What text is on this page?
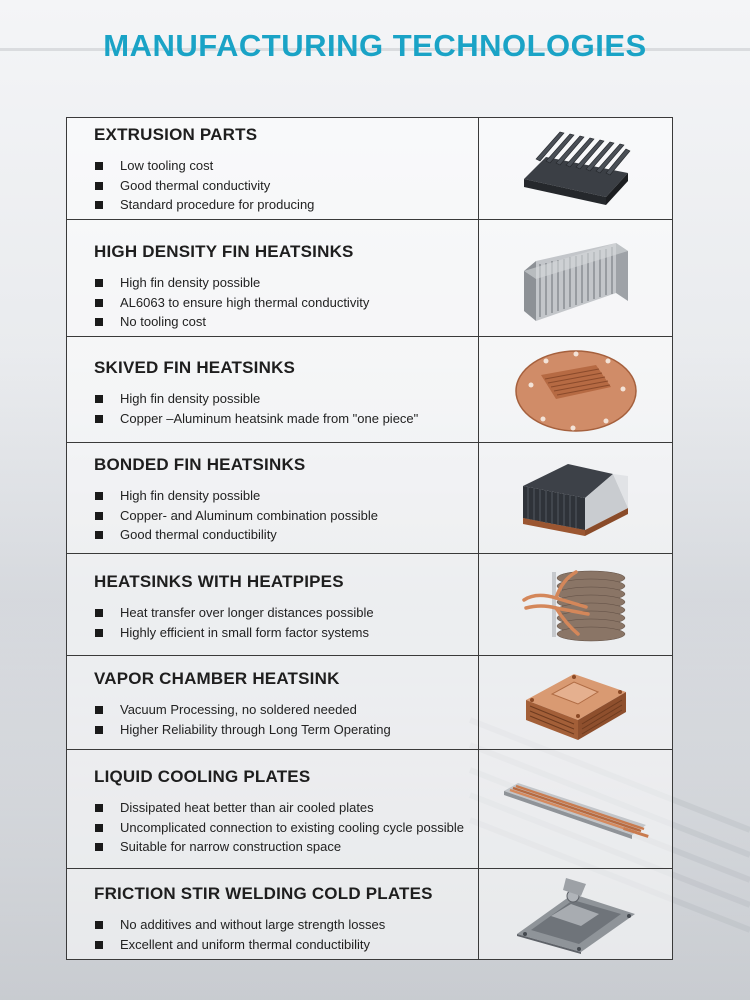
MANUFACTURING TECHNOLOGIES
EXTRUSION PARTS
Low tooling cost
Good thermal conductivity
Standard procedure for producing
HIGH DENSITY FIN HEATSINKS
High fin density possible
AL6063 to ensure high thermal conductivity
No tooling cost
SKIVED FIN HEATSINKS
High fin density possible
Copper –Aluminum heatsink made from "one piece"
BONDED FIN HEATSINKS
High fin density possible
Copper- and Aluminum combination possible
Good thermal conductibility
HEATSINKS WITH HEATPIPES
Heat transfer over longer distances possible
Highly efficient in small form factor systems
VAPOR CHAMBER HEATSINK
Vacuum Processing, no soldered needed
Higher Reliability through Long Term Operating
LIQUID COOLING PLATES
Dissipated heat better than air cooled plates
Uncomplicated connection to existing cooling cycle possible
Suitable for narrow construction space
FRICTION STIR WELDING COLD PLATES
No additives and without large strength losses
Excellent and uniform thermal conductibility
